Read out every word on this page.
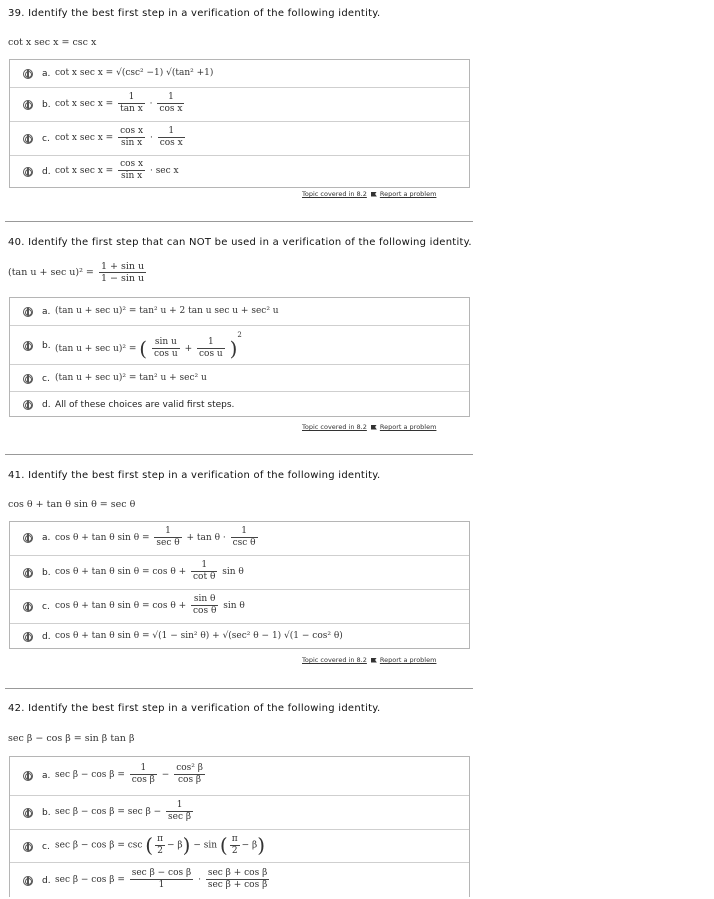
39. Identify the best first step in a verification of the following identity.
cot x sec x = csc x
a. cot x sec x = √(csc² −1) √(tan² +1)
b. cot x $\sec x = \frac{1}{\text{tan x}} \cdot \frac{1}{\text{cos x}}$
c. cot x $\sec x = \frac{\text{cos x}}{\text{sin x}} \cdot \frac{1}{\text{cos x}}$
d. cot x $\sec x = \frac{\text{cos x}}{\text{sin x}} \cdot \sec x$
Topic covered in 8.2 Report a problem
40. Identify the first step that can NOT be used in a verification of the following identity.
(tan $u + \sec u)^2 = \frac{\text{1 + sin u}}{\text{1 − sin u}}$
a. (tan u + sec u)² = tan² u + 2 tan u sec u + sec² u
b. (tan u + sec u)² = ( $\frac{\text{sin u}}{\text{cos u}} + \frac{1}{\text{cos u}} )^2$
c. (tan u + sec u)² = tan² u + sec² u
d. All of these choices are valid first steps.
Topic covered in 8.2 Report a problem
41. Identify the best first step in a verification of the following identity.
cos θ + tan θ sin θ = sec θ
a. cos θ + tan θ $\sin \theta = \frac{1}{\text{sec θ}} + \tan \theta \cdot \frac{1}{\text{csc θ}}$
b. cos θ + tan θ $\sin \theta = \cos \theta + \frac{1}{\text{cot θ}}$ sin θ
c. cos θ + tan θ $\sin \theta = \cos \theta + \frac{\text{sin θ}}{\text{cos θ}}$ sin θ
d. cos θ + tan θ sin θ = √(1 − sin² θ) + √(sec² θ − 1) √(1 − cos² θ)
Topic covered in 8.2 Report a problem
42. Identify the best first step in a verification of the following identity.
sec β − cos β = sin β tan β
a. $\sec \beta - \cos \beta = \frac{1}{\text{cos β}} - \frac{\text{cos² β}}{\text{cos β}}$
b. $\sec \beta - \cos \beta = \sec \beta - \frac{1}{\text{sec β}}$
c. sec β − cos β = csc ( $\frac{\pi}{2} - \beta) - \sin$ ( $\frac{\pi}{2} - \beta$)
d. $\sec \beta - \cos \beta = \frac{\text{sec β − cos β}}{1} \cdot \frac{\text{sec β + cos β}}{\text{sec β + cos β}}$
